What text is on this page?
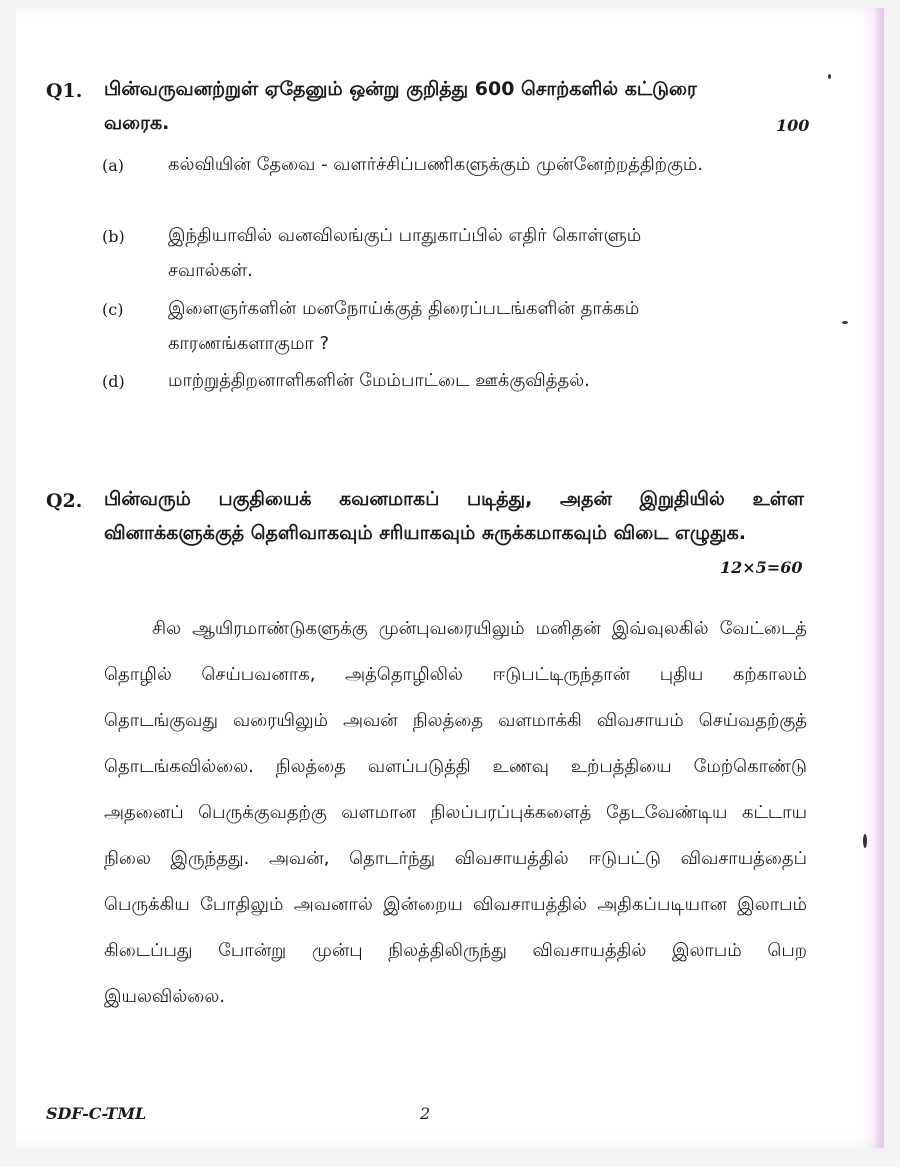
Q1. பின்வருவனற்றுள் ஏதேனும் ஒன்று குறித்து 600 சொற்களில் கட்டுரை வரைக.	100
(a) கல்வியின் தேவை - வளர்ச்சிப்பணிகளுக்கும் முன்னேற்றத்திற்கும்.
(b) இந்தியாவில் வனவிலங்குப் பாதுகாப்பில் எதிர் கொள்ளும் சவால்கள்.
(c) இளைஞர்களின் மனநோய்க்குத் திரைப்படங்களின் தாக்கம் காரணங்களாகுமா ?
(d) மாற்றுத்திறனாளிகளின் மேம்பாட்டை ஊக்குவித்தல்.
Q2. பின்வரும் பகுதியைக் கவனமாகப் படித்து, அதன் இறுதியில் உள்ள வினாக்களுக்குத் தெளிவாகவும் சரியாகவும் சுருக்கமாகவும் விடை எழுதுக.
12×5=60
சில ஆயிரமாண்டுகளுக்கு முன்புவரையிலும் மனிதன் இவ்வுலகில் வேட்டைத் தொழில் செய்பவனாக, அத்தொழிலில் ஈடுபட்டிருந்தான் புதிய கற்காலம் தொடங்குவது வரையிலும் அவன் நிலத்தை வளமாக்கி விவசாயம் செய்வதற்குத் தொடங்கவில்லை. நிலத்தை வளப்படுத்தி உணவு உற்பத்தியை மேற்கொண்டு அதனைப் பெருக்குவதற்கு வளமான நிலப்பரப்புக்களைத் தேடவேண்டிய கட்டாய நிலை இருந்தது. அவன், தொடர்ந்து விவசாயத்தில் ஈடுபட்டு விவசாயத்தைப் பெருக்கிய போதிலும் அவனால் இன்றைய விவசாயத்தில் அதிகப்படியான இலாபம் கிடைப்பது போன்று முன்பு நிலத்திலிருந்து விவசாயத்தில் இலாபம் பெற இயலவில்லை.
SDF-C-TML	2
